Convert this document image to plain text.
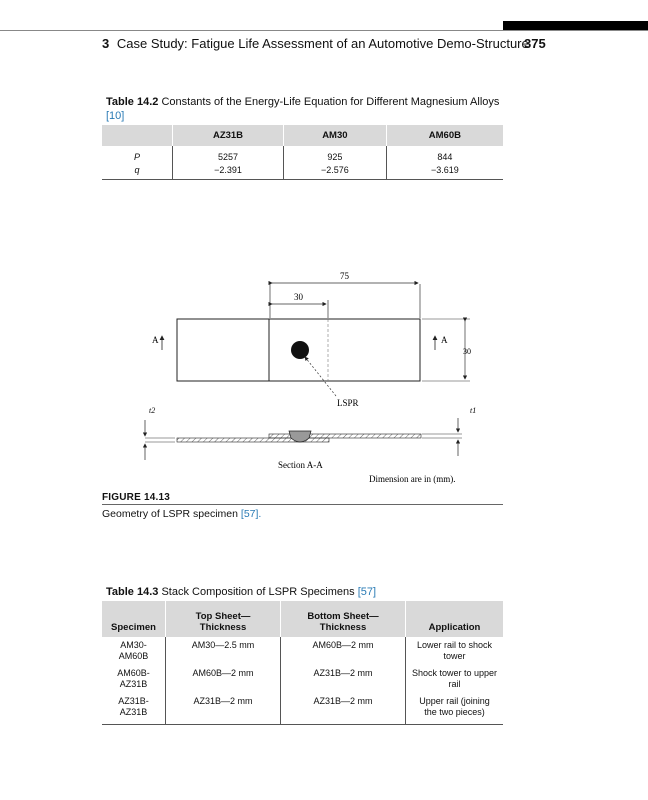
3 Case Study: Fatigue Life Assessment of an Automotive Demo-Structure
375
Table 14.2 Constants of the Energy-Life Equation for Different Magnesium Alloys [10]
	AZ31B	AM30	AM60B
P	5257	925	844
q	−2.391	−2.576	−3.619
75
30
LSPR
A	A
30
t2	t1
Section A-A
Dimension are in (mm).
FIGURE 14.13
Geometry of LSPR specimen [57].
Table 14.3 Stack Composition of LSPR Specimens [57]
Specimen	Top Sheet— Thickness	Bottom Sheet— Thickness	Application
AM30-AM60B	AM30—2.5 mm	AM60B—2 mm	Lower rail to shock tower
AM60B-AZ31B	AM60B—2 mm	AZ31B—2 mm	Shock tower to upper rail
AZ31B-AZ31B	AZ31B—2 mm	AZ31B—2 mm	Upper rail (joining the two pieces)
